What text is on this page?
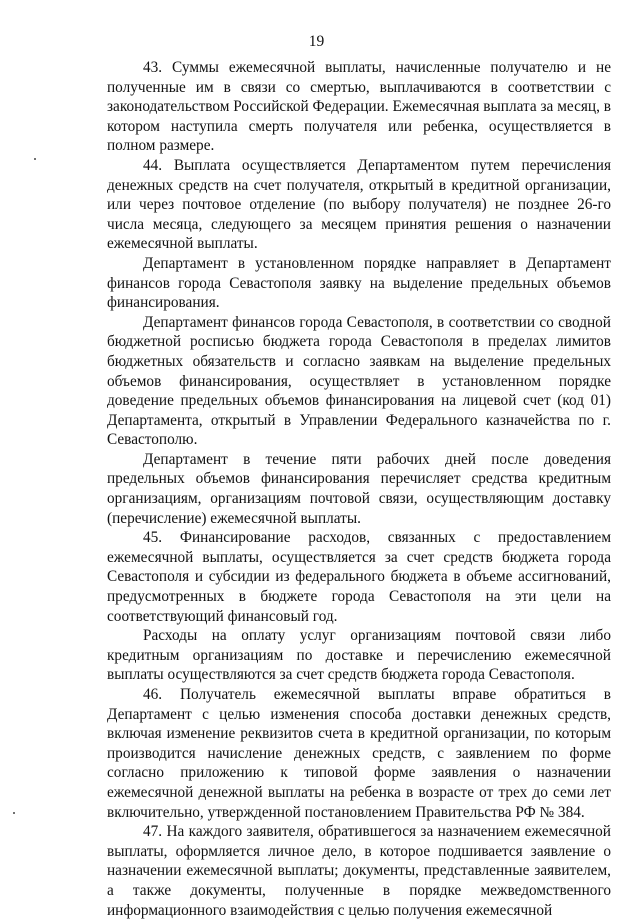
19

43. Суммы ежемесячной выплаты, начисленные получателю и не полученные им в связи со смертью, выплачиваются в соответствии с законодательством Российской Федерации. Ежемесячная выплата за месяц, в котором наступила смерть получателя или ребенка, осуществляется в полном размере.

44. Выплата осуществляется Департаментом путем перечисления денежных средств на счет получателя, открытый в кредитной организации, или через почтовое отделение (по выбору получателя) не позднее 26-го числа месяца, следующего за месяцем принятия решения о назначении ежемесячной выплаты.

Департамент в установленном порядке направляет в Департамент финансов города Севастополя заявку на выделение предельных объемов финансирования.

Департамент финансов города Севастополя, в соответствии со сводной бюджетной росписью бюджета города Севастополя в пределах лимитов бюджетных обязательств и согласно заявкам на выделение предельных объемов финансирования, осуществляет в установленном порядке доведение предельных объемов финансирования на лицевой счет (код 01) Департамента, открытый в Управлении Федерального казначейства по г. Севастополю.

Департамент в течение пяти рабочих дней после доведения предельных объемов финансирования перечисляет средства кредитным организациям, организациям почтовой связи, осуществляющим доставку (перечисление) ежемесячной выплаты.

45. Финансирование расходов, связанных с предоставлением ежемесячной выплаты, осуществляется за счет средств бюджета города Севастополя и субсидии из федерального бюджета в объеме ассигнований, предусмотренных в бюджете города Севастополя на эти цели на соответствующий финансовый год.

Расходы на оплату услуг организациям почтовой связи либо кредитным организациям по доставке и перечислению ежемесячной выплаты осуществляются за счет средств бюджета города Севастополя.

46. Получатель ежемесячной выплаты вправе обратиться в Департамент с целью изменения способа доставки денежных средств, включая изменение реквизитов счета в кредитной организации, по которым производится начисление денежных средств, с заявлением по форме согласно приложению к типовой форме заявления о назначении ежемесячной денежной выплаты на ребенка в возрасте от трех до семи лет включительно, утвержденной постановлением Правительства РФ № 384.

47. На каждого заявителя, обратившегося за назначением ежемесячной выплаты, оформляется личное дело, в которое подшивается заявление о назначении ежемесячной выплаты; документы, представленные заявителем, а также документы, полученные в порядке межведомственного информационного взаимодействия с целью получения ежемесячной
